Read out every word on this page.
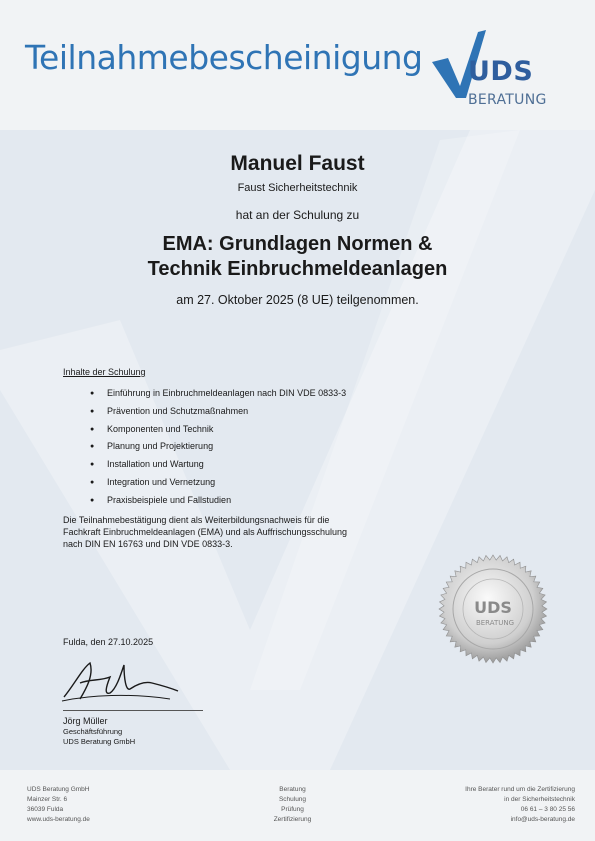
Teilnahmebescheinigung UDS
BERATUNG
Manuel Faust
Faust Sicherheitstechnik
hat an der Schulung zu
EMA: Grundlagen Normen &
Technik Einbruchmeldeanlagen
am 27. Oktober 2025 (8 UE) teilgenommen.
Inhalte der Schulung
● Einführung in Einbruchmeldeanlagen nach DIN VDE 0833-3
● Prävention und Schutzmaßnahmen
● Komponenten und Technik
● Planung und Projektierung
● Installation und Wartung
● Integration und Vernetzung
● Praxisbeispiele und Fallstudien
Die Teilnahmebestätigung dient als Weiterbildungsnachweis für die
Fachkraft Einbruchmeldeanlagen (EMA) und als Auffrischungsschulung
nach DIN EN 16763 und DIN VDE 0833-3.
Fulda, den 27.10.2025
Jörg Müller
Geschäftsführung
UDS Beratung GmbH
UDS
BERATUNG
UDS Beratung GmbH
Mainzer Str. 6
36039 Fulda
www.uds-beratung.de
Beratung
Schulung
Prüfung
Zertifizierung
Ihre Berater rund um die Zertifizierung
in der Sicherheitstechnik
06 61 – 3 80 25 56
info@uds-beratung.de
